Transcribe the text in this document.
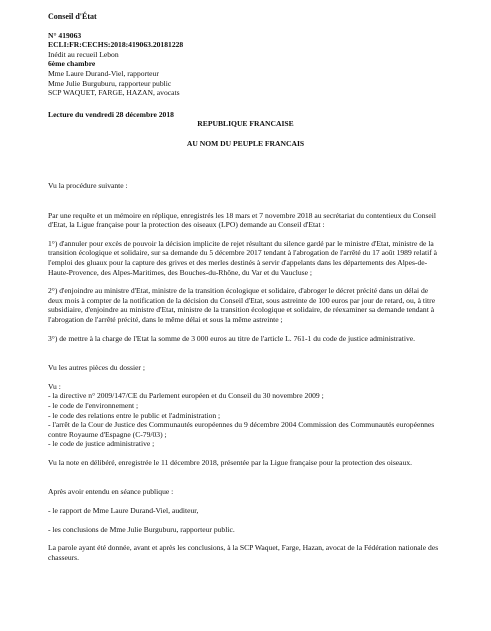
Conseil d'État
N° 419063
ECLI:FR:CECHS:2018:419063.20181228
Inédit au recueil Lebon
6ème chambre
Mme Laure Durand-Viel, rapporteur
Mme Julie Burguburu, rapporteur public
SCP WAQUET, FARGE, HAZAN, avocats
Lecture du vendredi 28 décembre 2018
REPUBLIQUE FRANCAISE
AU NOM DU PEUPLE FRANCAIS

Vu la procédure suivante :

Par une requête et un mémoire en réplique, enregistrés les 18 mars et 7 novembre 2018 au secrétariat du contentieux du Conseil d'Etat, la Ligue française pour la protection des oiseaux (LPO) demande au Conseil d'Etat :

1°) d'annuler pour excès de pouvoir la décision implicite de rejet résultant du silence gardé par le ministre d'Etat, ministre de la transition écologique et solidaire, sur sa demande du 5 décembre 2017 tendant à l'abrogation de l'arrêté du 17 août 1989 relatif à l'emploi des gluaux pour la capture des grives et des merles destinés à servir d'appelants dans les départements des Alpes-de-Haute-Provence, des Alpes-Maritimes, des Bouches-du-Rhône, du Var et du Vaucluse ;

2°) d'enjoindre au ministre d'Etat, ministre de la transition écologique et solidaire, d'abroger le décret précité dans un délai de deux mois à compter de la notification de la décision du Conseil d'Etat, sous astreinte de 100 euros par jour de retard, ou, à titre subsidiaire, d'enjoindre au ministre d'Etat, ministre de la transition écologique et solidaire, de réexaminer sa demande tendant à l'abrogation de l'arrêté précité, dans le même délai et sous la même astreinte ;

3°) de mettre à la charge de l'Etat la somme de 3 000 euros au titre de l'article L. 761-1 du code de justice administrative.

Vu les autres pièces du dossier ;

Vu :
- la directive n° 2009/147/CE du Parlement européen et du Conseil du 30 novembre 2009 ;
- le code de l'environnement ;
- le code des relations entre le public et l'administration ;
- l'arrêt de la Cour de Justice des Communautés européennes du 9 décembre 2004 Commission des Communautés européennes contre Royaume d'Espagne (C-79/03) ;
- le code de justice administrative ;

Vu la note en délibéré, enregistrée le 11 décembre 2018, présentée par la Ligue française pour la protection des oiseaux.

Après avoir entendu en séance publique :

- le rapport de Mme Laure Durand-Viel, auditeur,

- les conclusions de Mme Julie Burguburu, rapporteur public.

La parole ayant été donnée, avant et après les conclusions, à la SCP Waquet, Farge, Hazan, avocat de la Fédération nationale des chasseurs.
